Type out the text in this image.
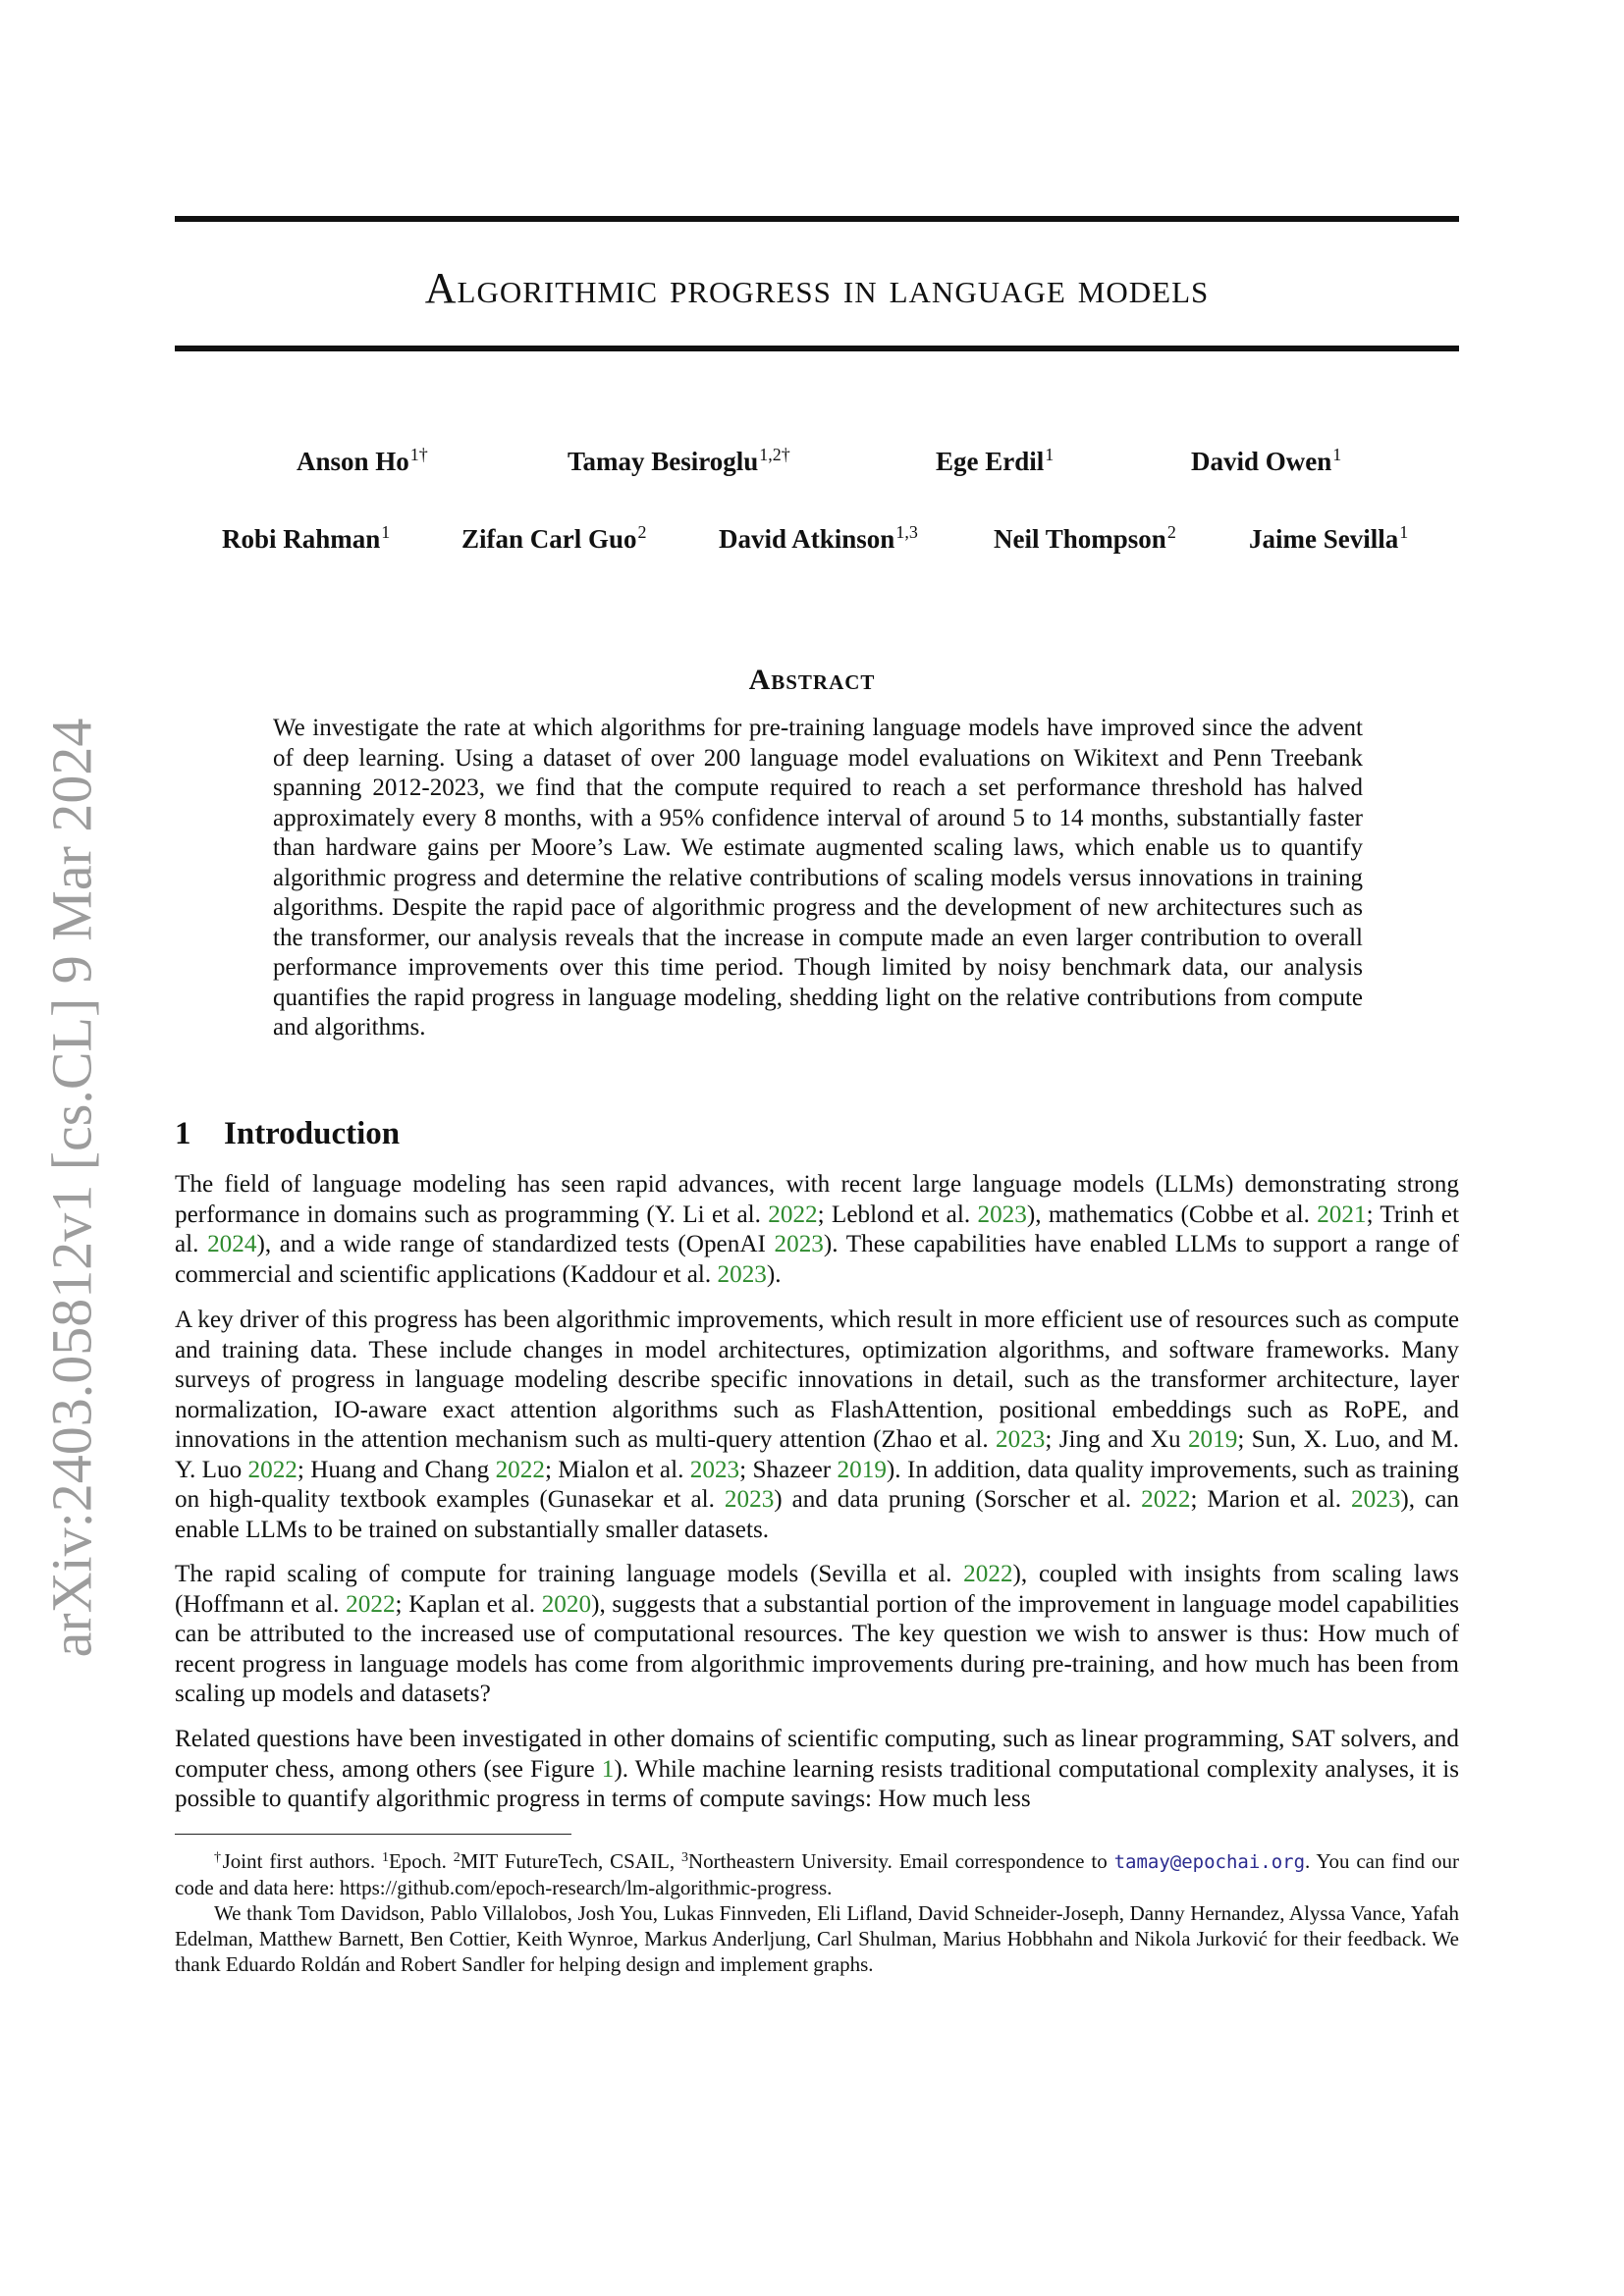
arXiv:2403.05812v1 [cs.CL] 9 Mar 2024
Algorithmic progress in language models
Anson $Ho^{1\dagger}$	Tamay Besiroglu$^{1,2\dagger}$	Ege Erdil$^1$	David Owen$^1$
Robi Rahman$^1$	Zifan Carl Guo$^2$	David Atkinson$^{1,3}$	Neil Thompson$^2$	Jaime Sevilla$^1$
Abstract
We investigate the rate at which algorithms for pre-training language models have improved since the advent of deep learning. Using a dataset of over 200 language model evaluations on Wikitext and Penn Treebank spanning 2012-2023, we find that the compute required to reach a set performance threshold has halved approximately every 8 months, with a 95% confidence interval of around 5 to 14 months, substantially faster than hardware gains per Moore’s Law. We estimate augmented scaling laws, which enable us to quantify algorithmic progress and determine the relative contributions of scaling models versus innovations in training algorithms. Despite the rapid pace of algorithmic progress and the development of new architectures such as the transformer, our analysis reveals that the increase in compute made an even larger contribution to overall performance improvements over this time period. Though limited by noisy benchmark data, our analysis quantifies the rapid progress in language modeling, shedding light on the relative contributions from compute and algorithms.
1 Introduction

The field of language modeling has seen rapid advances, with recent large language models (LLMs) demonstrating strong performance in domains such as programming (Y. Li et al. 2022; Leblond et al. 2023), mathematics (Cobbe et al. 2021; Trinh et al. 2024), and a wide range of standardized tests (OpenAI 2023). These capabilities have enabled LLMs to support a range of commercial and scientific applications (Kaddour et al. 2023).

A key driver of this progress has been algorithmic improvements, which result in more efficient use of resources such as compute and training data. These include changes in model architectures, optimization algorithms, and software frameworks. Many surveys of progress in language modeling describe specific innovations in detail, such as the transformer architecture, layer normalization, IO-aware exact attention algorithms such as FlashAttention, positional embeddings such as RoPE, and innovations in the attention mechanism such as multi-query attention (Zhao et al. 2023; Jing and Xu 2019; Sun, X. Luo, and M. Y. Luo 2022; Huang and Chang 2022; Mialon et al. 2023; Shazeer 2019). In addition, data quality improvements, such as training on high-quality textbook examples (Gunasekar et al. 2023) and data pruning (Sorscher et al. 2022; Marion et al. 2023), can enable LLMs to be trained on substantially smaller datasets.

The rapid scaling of compute for training language models (Sevilla et al. 2022), coupled with insights from scaling laws (Hoffmann et al. 2022; Kaplan et al. 2020), suggests that a substantial portion of the improvement in language model capabilities can be attributed to the increased use of computational resources. The key question we wish to answer is thus: How much of recent progress in language models has come from algorithmic improvements during pre-training, and how much has been from scaling up models and datasets?

Related questions have been investigated in other domains of scientific computing, such as linear programming, SAT solvers, and computer chess, among others (see Figure 1). While machine learning resists traditional computational complexity analyses, it is possible to quantify algorithmic progress in terms of compute savings: How much less

†Joint first authors. $^1$Epoch. $^2$MIT FutureTech, CSAIL, $^3$Northeastern University. Email correspondence to tamay@epochai.org. You can find our code and data here: https://github.com/epoch-research/lm-algorithmic-progress.

We thank Tom Davidson, Pablo Villalobos, Josh You, Lukas Finnveden, Eli Lifland, David Schneider-Joseph, Danny Hernandez, Alyssa Vance, Yafah Edelman, Matthew Barnett, Ben Cottier, Keith Wynroe, Markus Anderljung, Carl Shulman, Marius Hobbhahn and Nikola Jurković for their feedback. We thank Eduardo Roldán and Robert Sandler for helping design and implement graphs.
